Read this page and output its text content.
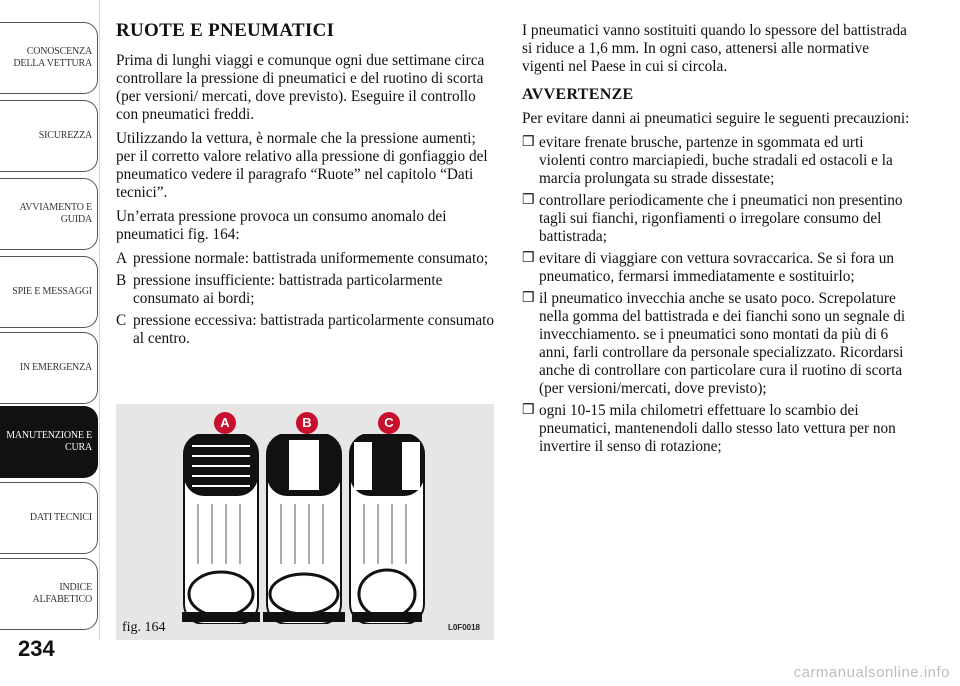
CONOSCENZA DELLA VETTURA
SICUREZZA
AVVIAMENTO E GUIDA
SPIE E MESSAGGI
IN EMERGENZA
MANUTENZIONE E CURA
DATI TECNICI
INDICE ALFABETICO
234
RUOTE E PNEUMATICI

Prima di lunghi viaggi e comunque ogni due settimane circa controllare la pressione di pneumatici e del ruotino di scorta (per versioni/ mercati, dove previsto). Eseguire il controllo con pneumatici freddi.

Utilizzando la vettura, è normale che la pressione aumenti; per il corretto valore relativo alla pressione di gonfiaggio del pneumatico vedere il paragrafo “Ruote” nel capitolo “Dati tecnici”.

Un’errata pressione provoca un consumo anomalo dei pneumatici fig. 164:

A pressione normale: battistrada uniformemente consumato;
B pressione insufficiente: battistrada particolarmente consumato ai bordi;
C pressione eccessiva: battistrada particolarmente consumato al centro.
A	B	C
fig. 164	L0F0018

I pneumatici vanno sostituiti quando lo spessore del battistrada si riduce a 1,6 mm. In ogni caso, attenersi alle normative vigenti nel Paese in cui si circola.

AVVERTENZE

Per evitare danni ai pneumatici seguire le seguenti precauzioni:

❒ evitare frenate brusche, partenze in sgommata ed urti violenti contro marciapiedi, buche stradali ed ostacoli e la marcia prolungata su strade dissestate;
❒ controllare periodicamente che i pneumatici non presentino tagli sui fianchi, rigonfiamenti o irregolare consumo del battistrada;
❒ evitare di viaggiare con vettura sovraccarica. Se si fora un pneumatico, fermarsi immediatamente e sostituirlo;
❒ il pneumatico invecchia anche se usato poco. Screpolature nella gomma del battistrada e dei fianchi sono un segnale di invecchiamento. se i pneumatici sono montati da più di 6 anni, farli controllare da personale specializzato. Ricordarsi anche di controllare con particolare cura il ruotino di scorta (per versioni/mercati, dove previsto);
❒ ogni 10-15 mila chilometri effettuare lo scambio dei pneumatici, mantenendoli dallo stesso lato vettura per non invertire il senso di rotazione;
carmanualsonline.info
